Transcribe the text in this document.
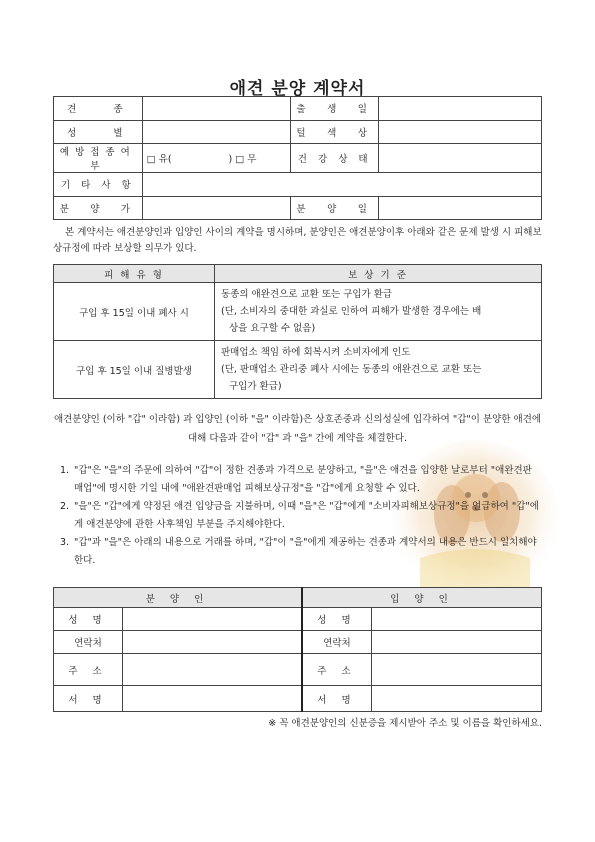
애견 분양 계약서
견　　종		출　생　일	
성　　별		털　색　상	
예방접종여부	□ 유(　　　　　　) □ 무	건 강 상 태	
기 타 사 항			
분　양　가		분　양　일	
본 계약서는 애견분양인과 입양인 사이의 계약을 명시하며, 분양인은 애견분양이후 아래와 같은 문제 발생 시 피해보상규정에 따라 보상할 의무가 있다.
피 해 유 형	보 상 기 준
구입 후 15일 이내 폐사 시	동종의 애완견으로 교환 또는 구입가 환급
(단, 소비자의 중대한 과실로 인하여 피해가 발생한 경우에는 배

상을 요구할 수 없음)

구입 후 15일 이내 질병발생	판매업소 책임 하에 회복시켜 소비자에게 인도
(단, 판매업소 관리중 폐사 시에는 동종의 애완견으로 교환 또는

구입가 환급)
애견분양인 (이하 "갑" 이라함) 과 입양인 (이하 "을" 이라함)은 상호존중과 신의성실에 입각하여 "갑"이 분양한 애견에 대해 다음과 같이 "갑" 과 "을" 간에 계약을 체결한다.
1. "갑"은 "을"의 주문에 의하여 "갑"이 정한 견종과 가격으로 분양하고, "을"은 애견을 입양한 날로부터 "애완견판매업"에 명시한 기일 내에 "애완견판매업 피해보상규정"을 "갑"에게 요청할 수 있다.
2. "을"은 "갑"에게 약정된 애견 입양금을 지불하며, 이때 "을"은 "갑"에게 "소비자피해보상규정"을 언급하여 "갑"에게 애견분양에 관한 사후책임 부분을 주지해야한다.
3. "갑"과 "을"은 아래의 내용으로 거래를 하며, "갑"이 "을"에게 제공하는 견종과 계약서의 내용은 반드시 일치해야한다.
분 양 인		입 양 인	
성 명		성 명	
연락처		연락처	
주 소		주 소	
서 명		서 명	
※ 꼭 애견분양인의 신분증을 제시받아 주소 및 이름을 확인하세요.
